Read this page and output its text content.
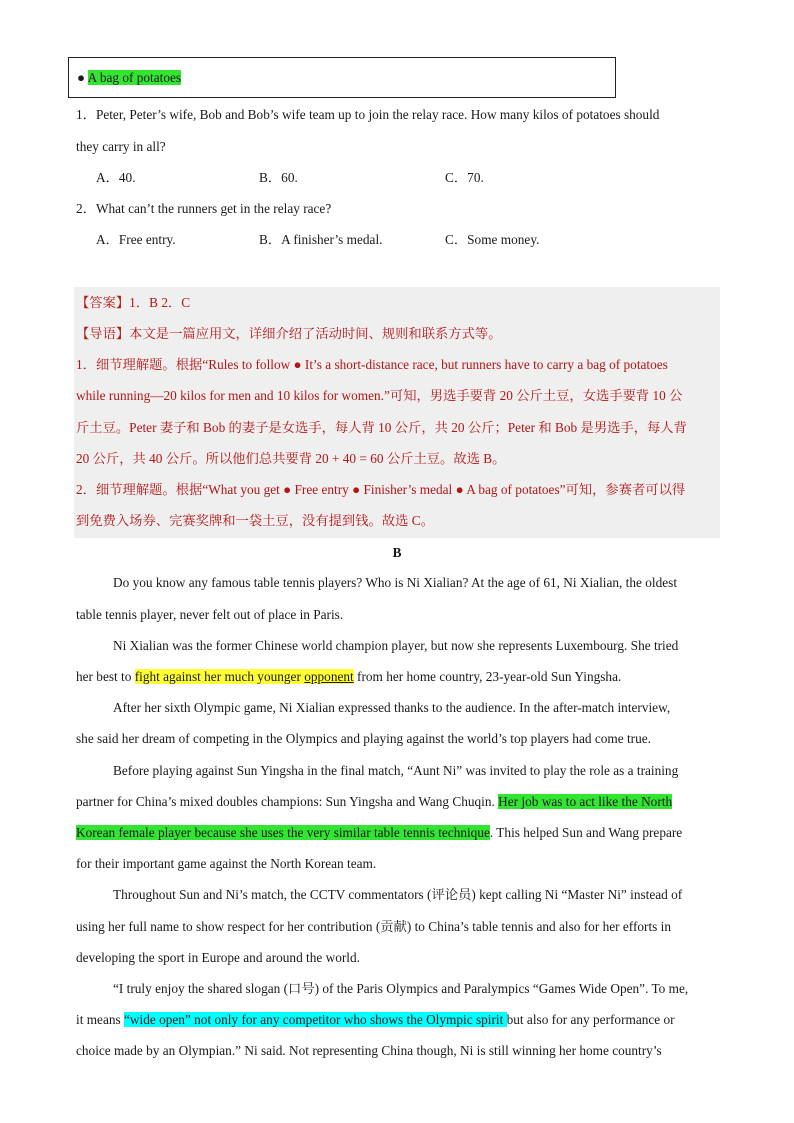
● A bag of potatoes
1．Peter, Peter’s wife, Bob and Bob’s wife team up to join the relay race. How many kilos of potatoes should
they carry in all?
A．40.	B．60.	C．70.
2．What can’t the runners get in the relay race?
A．Free entry.	B．A finisher’s medal.	C．Some money.
【答案】1．B 2．C
【导语】本文是一篇应用文，详细介绍了活动时间、规则和联系方式等。
1．细节理解题。根据“Rules to follow ● It’s a short-distance race, but runners have to carry a bag of potatoes
while running—20 kilos for men and 10 kilos for women.”可知，男选手要背 20 公斤土豆，女选手要背 10 公
斤土豆。Peter 妻子和 Bob 的妻子是女选手，每人背 10 公斤，共 20 公斤；Peter 和 Bob 是男选手，每人背
20 公斤，共 40 公斤。所以他们总共要背 20 + 40 = 60 公斤土豆。故选 B。
2．细节理解题。根据“What you get ● Free entry ● Finisher’s medal ● A bag of potatoes”可知，参赛者可以得
到免费入场券、完赛奖牌和一袋土豆，没有提到钱。故选 C。
B
Do you know any famous table tennis players? Who is Ni Xialian? At the age of 61, Ni Xialian, the oldest
table tennis player, never felt out of place in Paris.
Ni Xialian was the former Chinese world champion player, but now she represents Luxembourg. She tried
her best to fight against her much younger opponent from her home country, 23-year-old Sun Yingsha.
After her sixth Olympic game, Ni Xialian expressed thanks to the audience. In the after-match interview,
she said her dream of competing in the Olympics and playing against the world’s top players had come true.
Before playing against Sun Yingsha in the final match, “Aunt Ni” was invited to play the role as a training
partner for China’s mixed doubles champions: Sun Yingsha and Wang Chuqin. Her job was to act like the North
Korean female player because she uses the very similar table tennis technique. This helped Sun and Wang prepare
for their important game against the North Korean team.
Throughout Sun and Ni’s match, the CCTV commentators (评论员) kept calling Ni “Master Ni” instead of
using her full name to show respect for her contribution (贡献) to China’s table tennis and also for her efforts in
developing the sport in Europe and around the world.
“I truly enjoy the shared slogan (口号) of the Paris Olympics and Paralympics “Games Wide Open”. To me,
it means “wide open” not only for any competitor who shows the Olympic spirit but also for any performance or
choice made by an Olympian.” Ni said. Not representing China though, Ni is still winning her home country’s
